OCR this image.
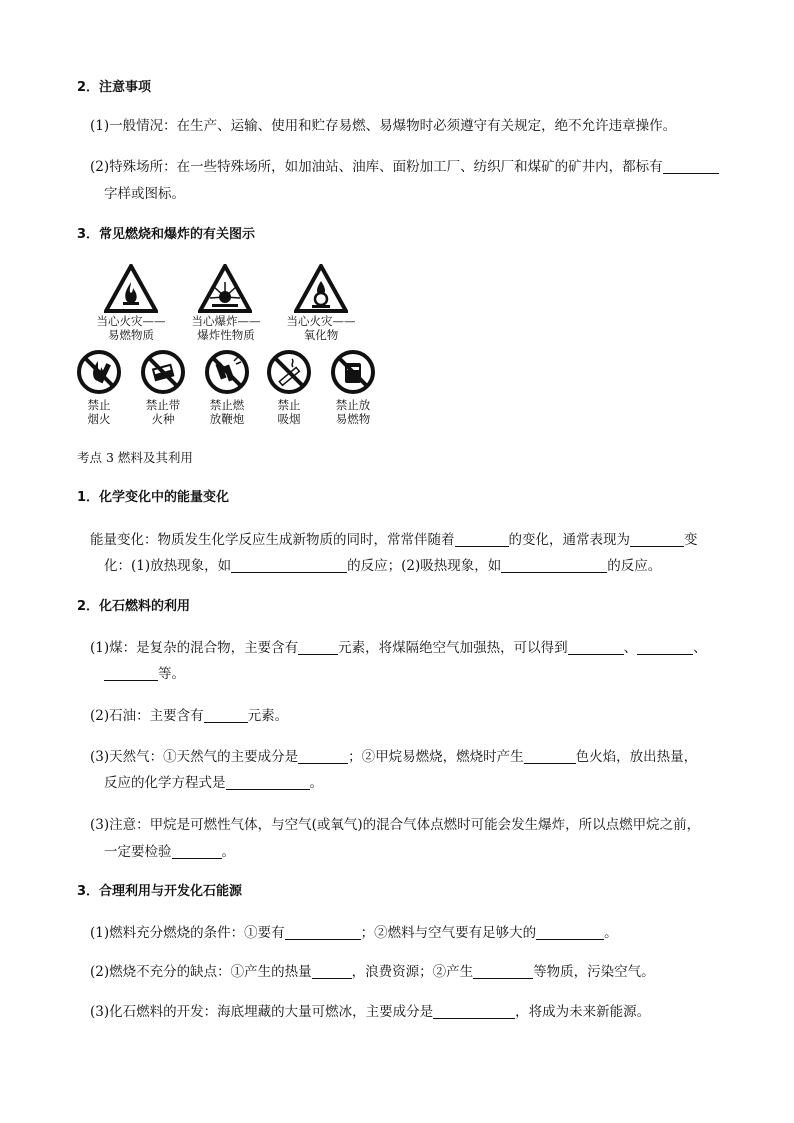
2．注意事项
(1)一般情况：在生产、运输、使用和贮存易燃、易爆物时必须遵守有关规定，绝不允许违章操作。
(2)特殊场所：在一些特殊场所，如加油站、油库、面粉加工厂、纺织厂和煤矿的矿井内，都标有
字样或图标。
3．常见燃烧和爆炸的有关图示
当心火灾——
易燃物质
当心爆炸——
爆炸性物质
当心火灾——
氧化物
禁止
烟火
禁止带
火种
禁止燃
放鞭炮
禁止
吸烟
禁止放
易燃物
考点 3 燃料及其利用
1．化学变化中的能量变化
能量变化：物质发生化学反应生成新物质的同时，常常伴随着	的变化，通常表现为	变
化：(1)放热现象，如	的反应；(2)吸热现象，如	的反应。
2．化石燃料的利用
(1)煤：是复杂的混合物，主要含有	元素，将煤隔绝空气加强热，可以得到	、	、
等。
(2)石油：主要含有	元素。
(3)天然气：①天然气的主要成分是	；②甲烷易燃烧，燃烧时产生	色火焰，放出热量，
反应的化学方程式是	。
(3)注意：甲烷是可燃性气体，与空气(或氧气)的混合气体点燃时可能会发生爆炸，所以点燃甲烷之前，
一定要检验	。
3．合理利用与开发化石能源
(1)燃料充分燃烧的条件：①要有	；②燃料与空气要有足够大的	。
(2)燃烧不充分的缺点：①产生的热量	，浪费资源；②产生	等物质，污染空气。
(3)化石燃料的开发：海底埋藏的大量可燃冰，主要成分是	，将成为未来新能源。
